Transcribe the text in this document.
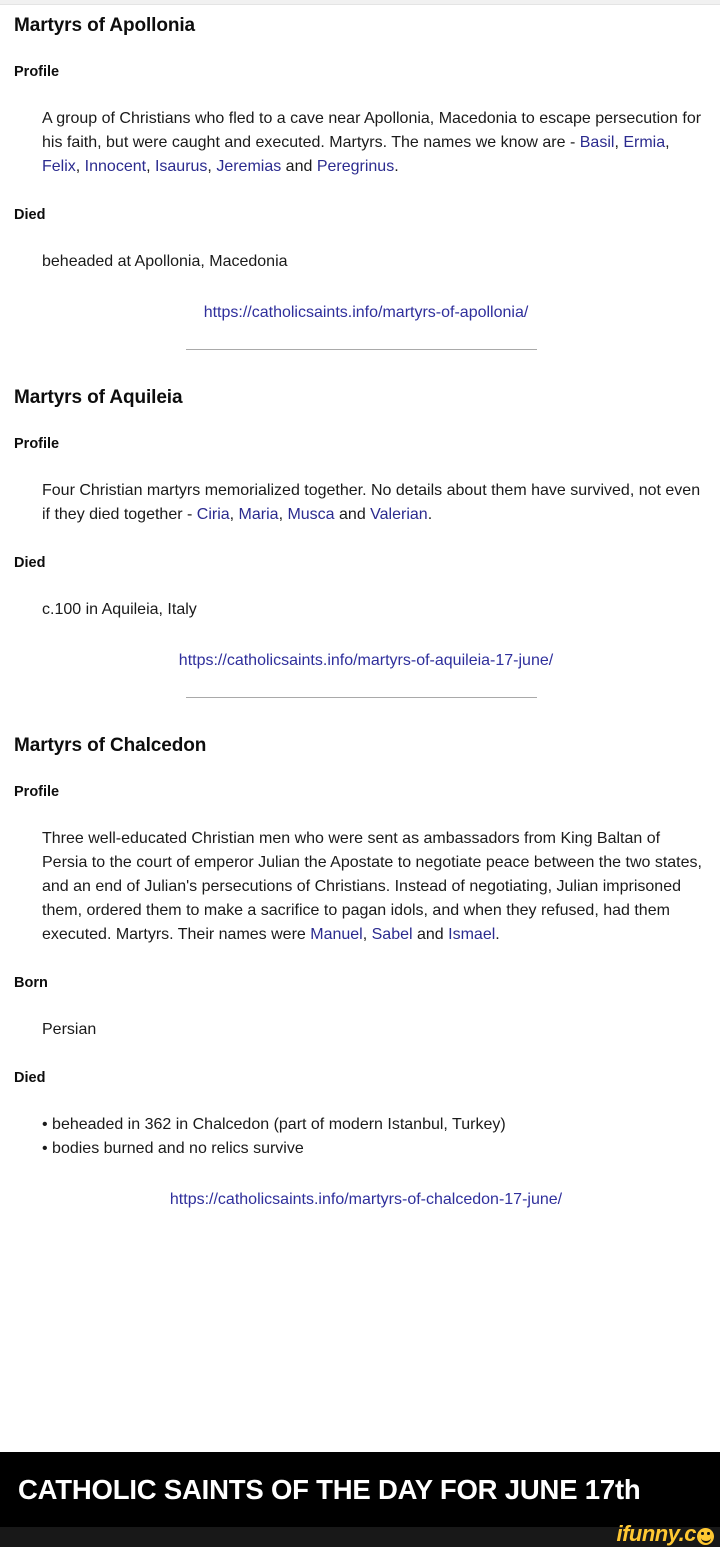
Martyrs of Apollonia
Profile

A group of Christians who fled to a cave near Apollonia, Macedonia to escape persecution for his faith, but were caught and executed. Martyrs. The names we know are - Basil, Ermia, Felix, Innocent, Isaurus, Jeremias and Peregrinus.

Died

beheaded at Apollonia, Macedonia

https://catholicsaints.info/martyrs-of-apollonia/
Martyrs of Aquileia
Profile

Four Christian martyrs memorialized together. No details about them have survived, not even if they died together - Ciria, Maria, Musca and Valerian.

Died

c.100 in Aquileia, Italy

https://catholicsaints.info/martyrs-of-aquileia-17-june/
Martyrs of Chalcedon
Profile

Three well-educated Christian men who were sent as ambassadors from King Baltan of Persia to the court of emperor Julian the Apostate to negotiate peace between the two states, and an end of Julian's persecutions of Christians. Instead of negotiating, Julian imprisoned them, ordered them to make a sacrifice to pagan idols, and when they refused, had them executed. Martyrs. Their names were Manuel, Sabel and Ismael.

Born

Persian

Died

• beheaded in 362 in Chalcedon (part of modern Istanbul, Turkey)
• bodies burned and no relics survive

https://catholicsaints.info/martyrs-of-chalcedon-17-june/
CATHOLIC SAINTS OF THE DAY FOR JUNE 17th
ifunny.c
